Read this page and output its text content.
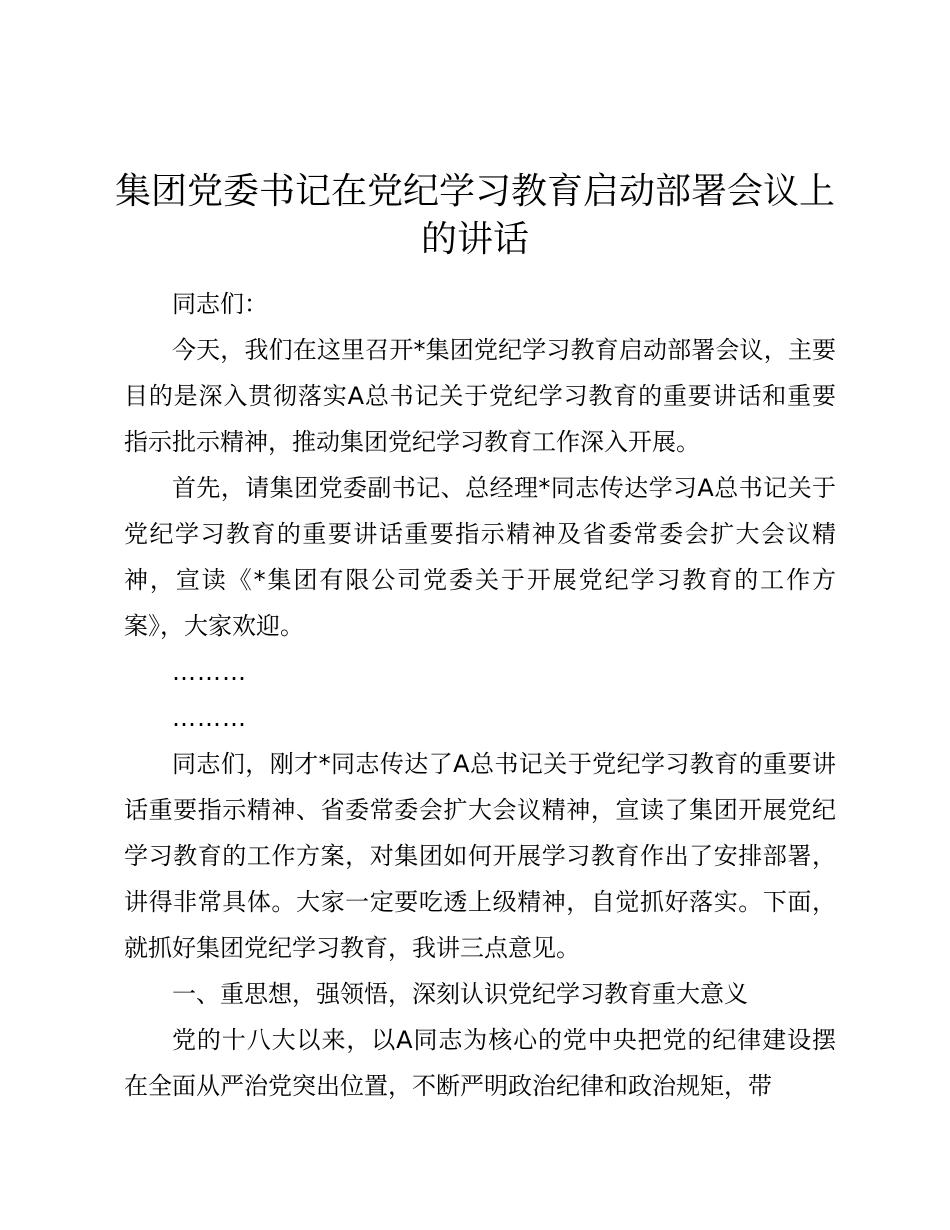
集团党委书记在党纪学习教育启动部署会议上的讲话

同志们：

今天，我们在这里召开*集团党纪学习教育启动部署会议，主要目的是深入贯彻落实A总书记关于党纪学习教育的重要讲话和重要指示批示精神，推动集团党纪学习教育工作深入开展。

首先，请集团党委副书记、总经理*同志传达学习A总书记关于党纪学习教育的重要讲话重要指示精神及省委常委会扩大会议精神，宣读《*集团有限公司党委关于开展党纪学习教育的工作方案》，大家欢迎。

………

………

同志们，刚才*同志传达了A总书记关于党纪学习教育的重要讲话重要指示精神、省委常委会扩大会议精神，宣读了集团开展党纪学习教育的工作方案，对集团如何开展学习教育作出了安排部署，讲得非常具体。大家一定要吃透上级精神，自觉抓好落实。下面，就抓好集团党纪学习教育，我讲三点意见。

一、重思想，强领悟，深刻认识党纪学习教育重大意义

党的十八大以来，以A同志为核心的党中央把党的纪律建设摆在全面从严治党突出位置，不断严明政治纪律和政治规矩，带
